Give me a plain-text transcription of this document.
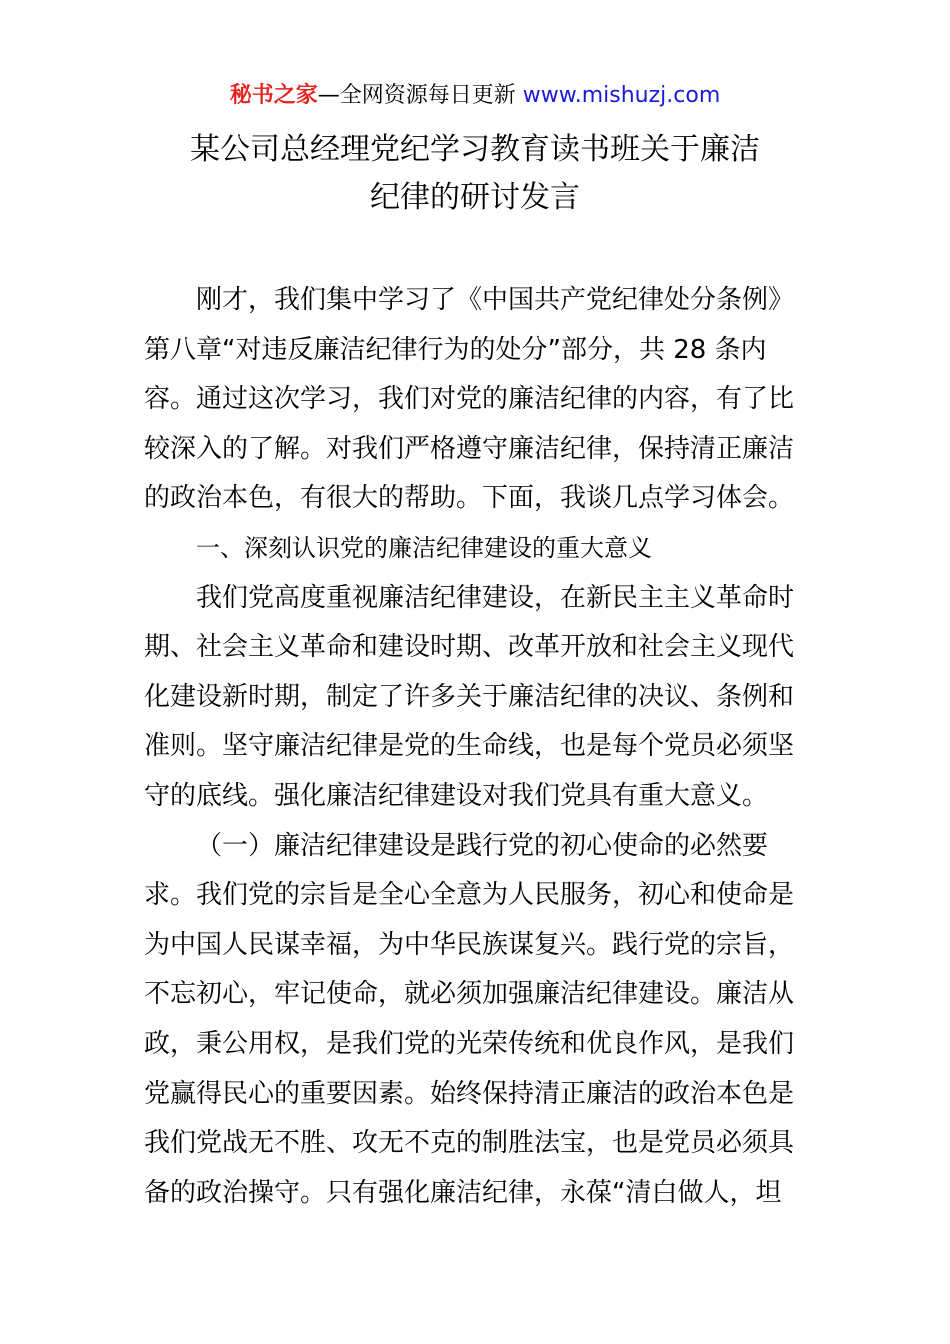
秘书之家—全网资源每日更新 www.mishuzj.com
某公司总经理党纪学习教育读书班关于廉洁
纪律的研讨发言
刚才，我们集中学习了《中国共产党纪律处分条例》
第八章“对违反廉洁纪律行为的处分”部分，共 28 条内
容。通过这次学习，我们对党的廉洁纪律的内容，有了比
较深入的了解。对我们严格遵守廉洁纪律，保持清正廉洁
的政治本色，有很大的帮助。下面，我谈几点学习体会。
一、深刻认识党的廉洁纪律建设的重大意义
我们党高度重视廉洁纪律建设，在新民主主义革命时
期、社会主义革命和建设时期、改革开放和社会主义现代
化建设新时期，制定了许多关于廉洁纪律的决议、条例和
准则。坚守廉洁纪律是党的生命线，也是每个党员必须坚
守的底线。强化廉洁纪律建设对我们党具有重大意义。
（一）廉洁纪律建设是践行党的初心使命的必然要
求。我们党的宗旨是全心全意为人民服务，初心和使命是
为中国人民谋幸福，为中华民族谋复兴。践行党的宗旨，
不忘初心，牢记使命，就必须加强廉洁纪律建设。廉洁从
政，秉公用权，是我们党的光荣传统和优良作风，是我们
党赢得民心的重要因素。始终保持清正廉洁的政治本色是
我们党战无不胜、攻无不克的制胜法宝，也是党员必须具
备的政治操守。只有强化廉洁纪律，永葆“清白做人，坦
